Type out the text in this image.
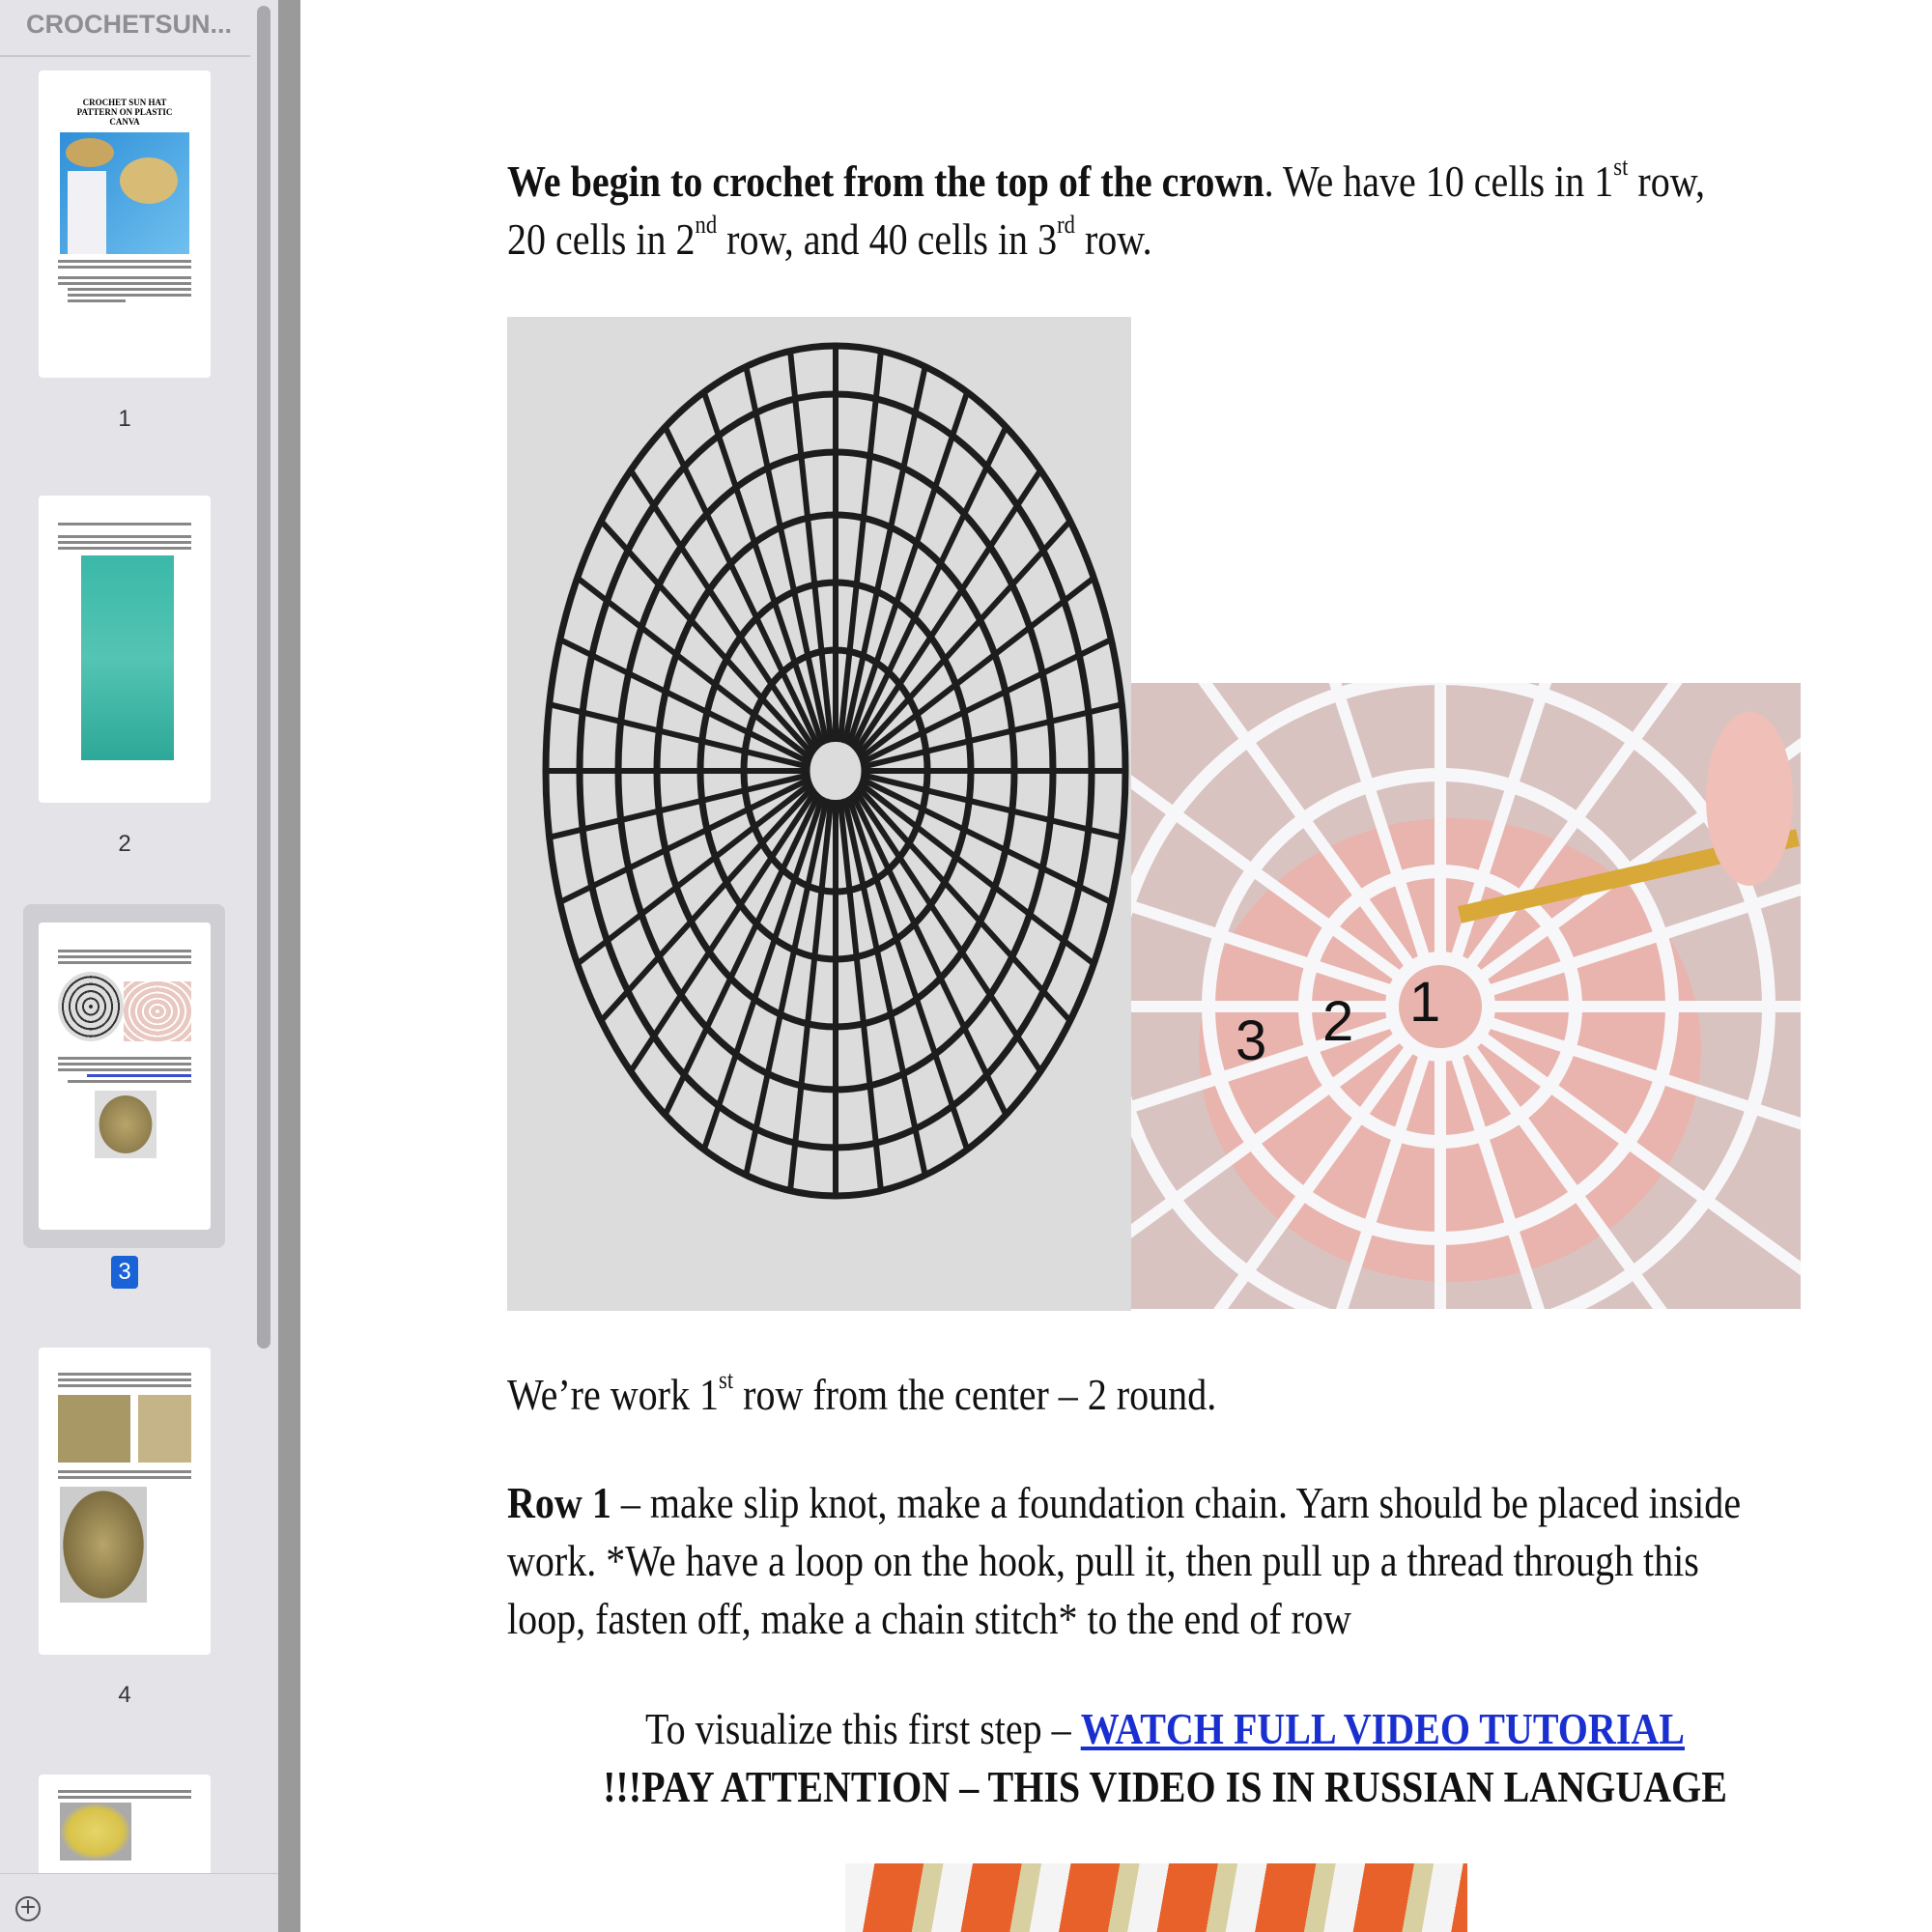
CROCHETSUN...
CROCHET SUN HAT PATTERN ON PLASTIC CANVA
1
2
3
4
+
We begin to crochet from the top of the crown. We have 10 cells in 1st row,
20 cells in 2nd row, and 40 cells in 3rd row.
3 2 1
We’re work 1st row from the center – 2 round.
Row 1 – make slip knot, make a foundation chain. Yarn should be placed inside
work. *We have a loop on the hook, pull it, then pull up a thread through this
loop, fasten off, make a chain stitch* to the end of row
To visualize this first step – WATCH FULL VIDEO TUTORIAL
!!!PAY ATTENTION – THIS VIDEO IS IN RUSSIAN LANGUAGE
